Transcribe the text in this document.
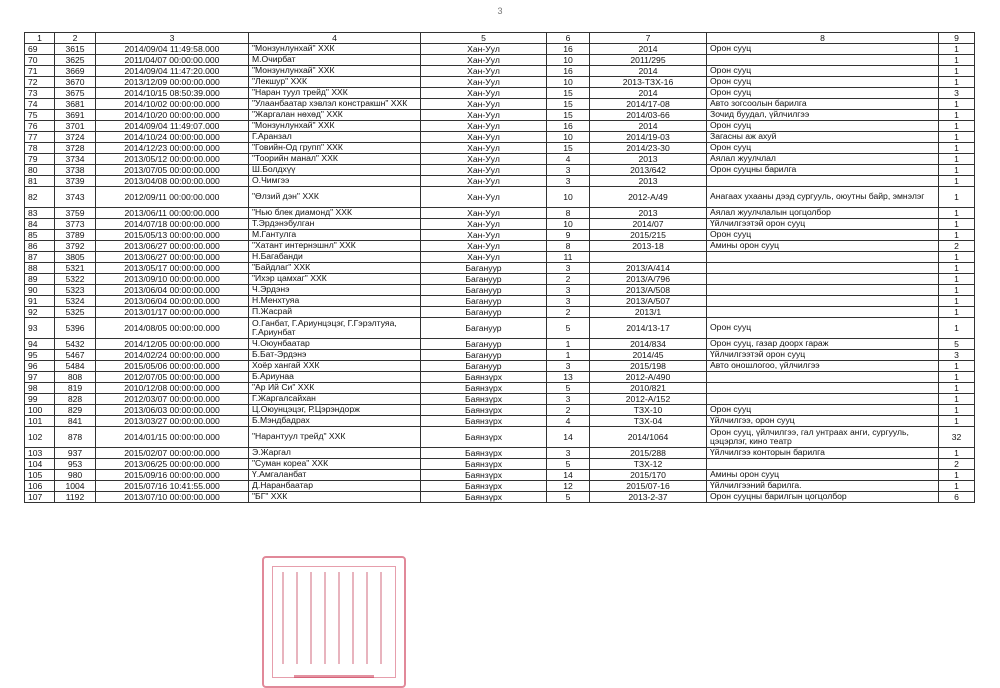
3
1	2	3	4	5	6	7	8	9
69	3615	2014/09/04 11:49:58.000	"Монзунлунхай" ХХК	Хан-Уул	16	2014	Орон сууц	1
70	3625	2011/04/07 00:00:00.000	М.Очирбат	Хан-Уул	10	2011/295		1
71	3669	2014/09/04 11:47:20.000	"Монзунлунхай" ХХК	Хан-Уул	16	2014	Орон сууц	1
72	3670	2013/12/09 00:00:00.000	"Лекшур" ХХК	Хан-Уул	10	2013-ТЗХ-16	Орон сууц	1
73	3675	2014/10/15 08:50:39.000	"Наран туул трейд" ХХК	Хан-Уул	15	2014	Орон сууц	3
74	3681	2014/10/02 00:00:00.000	"Улаанбаатар хэвлэл констракшн" ХХК	Хан-Уул	15	2014/17-08	Авто зогсоолын барилга	1
75	3691	2014/10/20 00:00:00.000	"Жаргалан нөхөд" ХХК	Хан-Уул	15	2014/03-66	Зочид буудал, үйлчилгээ	1
76	3701	2014/09/04 11:49:07.000	"Монзунлунхай" ХХК	Хан-Уул	16	2014	Орон сууц	1
77	3724	2014/10/24 00:00:00.000	Г.Аранзал	Хан-Уул	10	2014/19-03	Загасны аж ахуй	1
78	3728	2014/12/23 00:00:00.000	"Говийн-Од групп" ХХК	Хан-Уул	15	2014/23-30	Орон сууц	1
79	3734	2013/05/12 00:00:00.000	"Тоорийн манал" ХХК	Хан-Уул	4	2013	Аялал жуулчлал	1
80	3738	2013/07/05 00:00:00.000	Ш.Болдхүү	Хан-Уул	3	2013/642	Орон сууцны барилга	1
81	3739	2013/04/08 00:00:00.000	О.Чимгээ	Хан-Уул	3	2013		1
82	3743	2012/09/11 00:00:00.000	"Өлзий дэн" ХХК	Хан-Уул	10	2012-А/49	Анагаах ухааны дээд сургууль, оюутны байр, эмнэлэг	1
83	3759	2013/06/11 00:00:00.000	"Нью блек диамонд" ХХК	Хан-Уул	8	2013	Аялал жуулчлалын цогцолбор	1
84	3773	2014/07/18 00:00:00.000	Т.Эрдэнэбулган	Хан-Уул	10	2014/07	Үйлчилгээтэй орон сууц	1
85	3789	2015/05/13 00:00:00.000	М.Гантулга	Хан-Уул	9	2015/215	Орон сууц	1
86	3792	2013/06/27 00:00:00.000	"Хатант интернэшнл" ХХК	Хан-Уул	8	2013-18	Амины орон сууц	2
87	3805	2013/06/27 00:00:00.000	Н.Багабанди	Хан-Уул	11			1
88	5321	2013/05/17 00:00:00.000	"Байдлаг" ХХК	Багануур	3	2013/А/414		1
89	5322	2013/09/10 00:00:00.000	"Ихэр цамхаг" ХХК	Багануур	2	2013/А/796		1
90	5323	2013/06/04 00:00:00.000	Ч.Эрдэнэ	Багануур	3	2013/А/508		1
91	5324	2013/06/04 00:00:00.000	Н.Менхтуяа	Багануур	3	2013/А/507		1
92	5325	2013/01/17 00:00:00.000	П.Жасрай	Багануур	2	2013/1		1
93	5396	2014/08/05 00:00:00.000	О.Ганбат, Г.Ариунцэцэг, Г.Гэрэлтуяа, Г.Ариунбат	Багануур	5	2014/13-17	Орон сууц	1
94	5432	2014/12/05 00:00:00.000	Ч.Оюунбаатар	Багануур	1	2014/834	Орон сууц, газар доорх гараж	5
95	5467	2014/02/24 00:00:00.000	Б.Бат-Эрдэнэ	Багануур	1	2014/45	Үйлчилгээтэй орон сууц	3
96	5484	2015/05/06 00:00:00.000	Хоёр хангай ХХК	Багануур	3	2015/198	Авто оношлогоо, үйлчилгээ	1
97	808	2012/07/05 00:00:00.000	Б.Ариунаа	Баянзүрх	13	2012-А/490		1
98	819	2010/12/08 00:00:00.000	"Ар Ий Си" ХХК	Баянзүрх	5	2010/821		1
99	828	2012/03/07 00:00:00.000	Г.Жаргалсайхан	Баянзүрх	3	2012-А/152		1
100	829	2013/06/03 00:00:00.000	Ц.Оюунцэцэг, Р.Цэрэндорж	Баянзүрх	2	ТЗХ-10	Орон сууц	1
101	841	2013/03/27 00:00:00.000	Б.Мэндбадрах	Баянзүрх	4	ТЗХ-04	Үйлчилгээ, орон сууц	1
102	878	2014/01/15 00:00:00.000	"Нарантуул трейд" ХХК	Баянзүрх	14	2014/1064	Орон сууц, үйлчилгээ, гал унтраах анги, сургууль, цэцэрлэг, кино театр	32
103	937	2015/02/07 00:00:00.000	Э.Жаргал	Баянзүрх	3	2015/288	Үйлчилгээ конторын барилга	1
104	953	2013/06/25 00:00:00.000	"Суман кореа" ХХК	Баянзүрх	5	ТЗХ-12		2
105	980	2015/09/16 00:00:00.000	Ү.Амгаланбат	Баянзүрх	14	2015/170	Амины орон сууц	1
106	1004	2015/07/16 10:41:55.000	Д.Наранбаатар	Баянзүрх	12	2015/07-16	Үйлчилгээний барилга.	1
107	1192	2013/07/10 00:00:00.000	"БГ" ХХК	Баянзүрх	5	2013-2-37	Орон сууцны барилгын цогцолбор	6
